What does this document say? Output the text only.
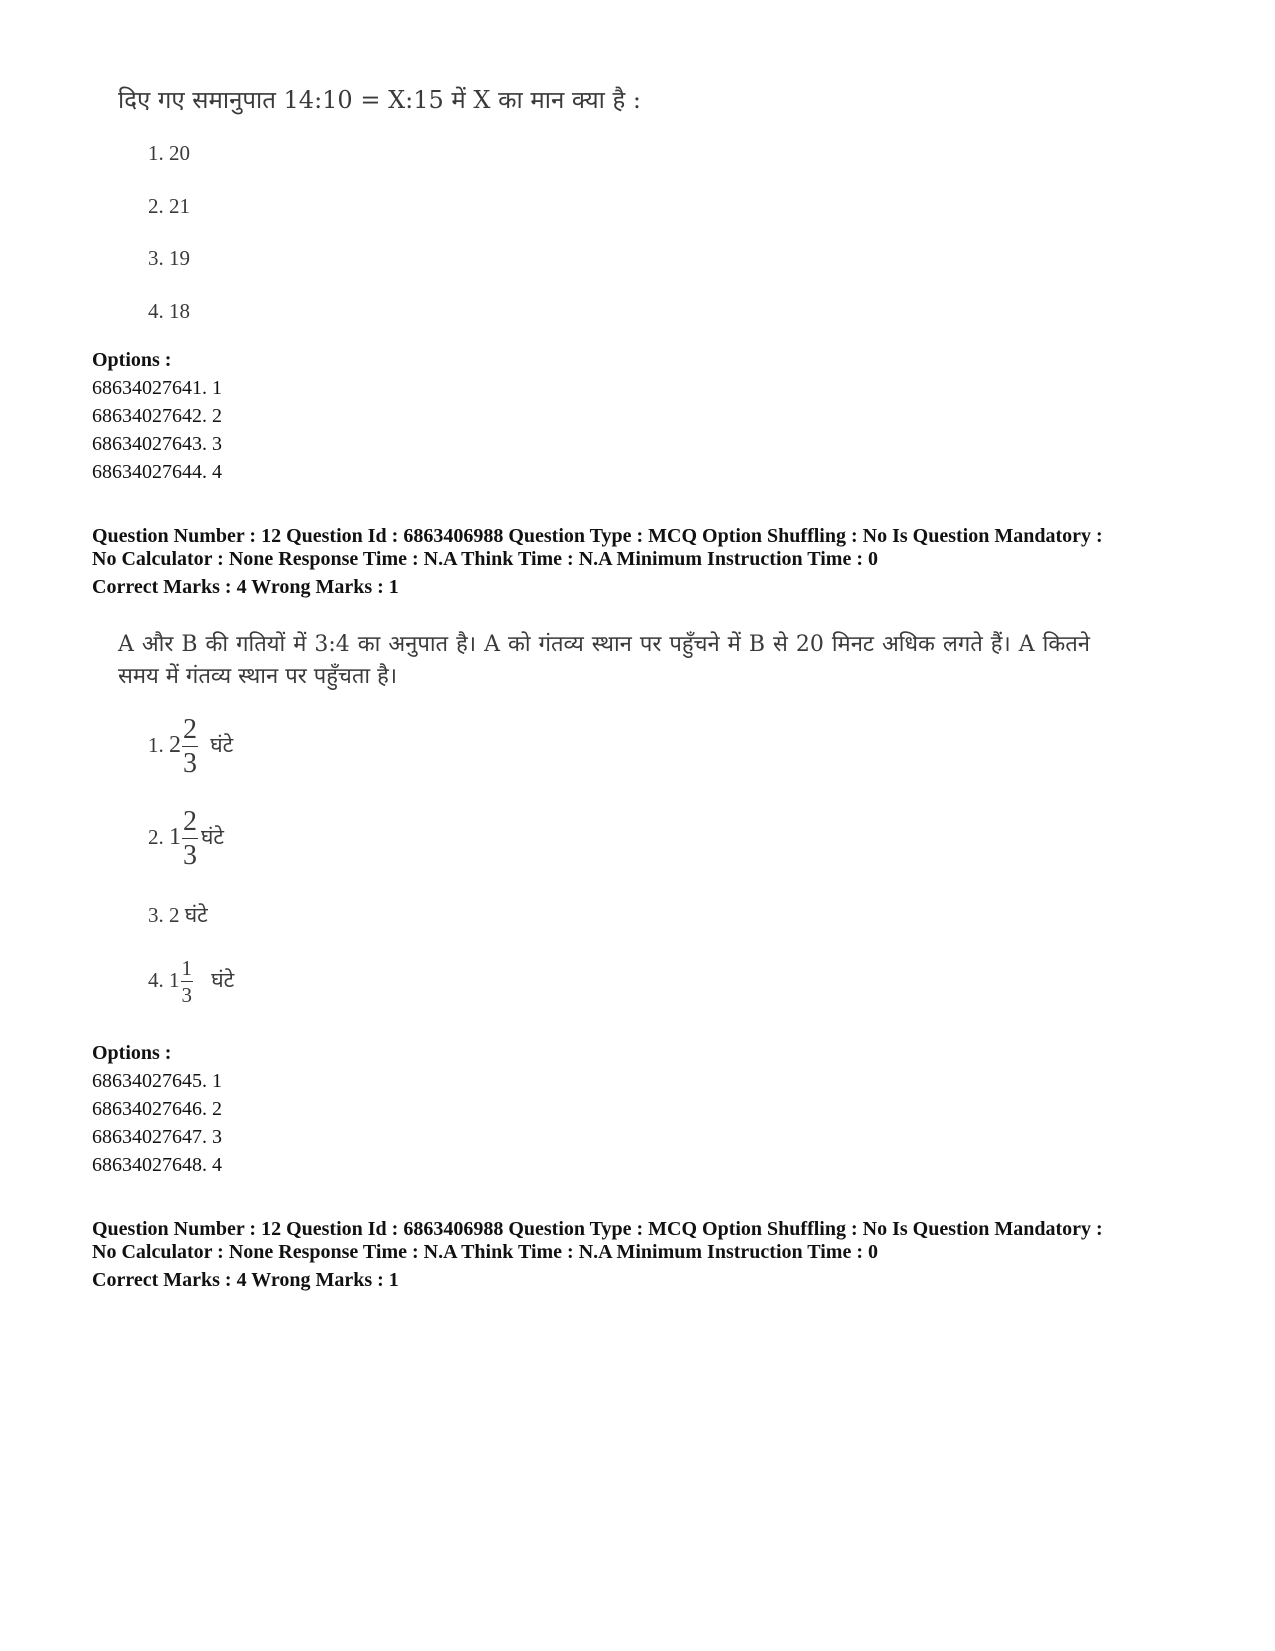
दिए गए समानुपात 14:10 = X:15 में X का मान क्या है :
1. 20
2. 21
3. 19
4. 18
Options :
68634027641. 1
68634027642. 2
68634027643. 3
68634027644. 4
Question Number : 12 Question Id : 6863406988 Question Type : MCQ Option Shuffling : No Is Question Mandatory :
No Calculator : None Response Time : N.A Think Time : N.A Minimum Instruction Time : 0
Correct Marks : 4 Wrong Marks : 1
A और B की गतियों में 3:4 का अनुपात है। A को गंतव्य स्थान पर पहुँचने में B से 20 मिनट अधिक लगते हैं। A कितने
समय में गंतव्य स्थान पर पहुँचता है।
1. $2 \frac{2}{3}$ घंटे
2. $1 \frac{2}{3}$ घंटे
3. 2 घंटे
4. $1 \frac{1}{3}$ घंटे
Options :
68634027645. 1
68634027646. 2
68634027647. 3
68634027648. 4
Question Number : 12 Question Id : 6863406988 Question Type : MCQ Option Shuffling : No Is Question Mandatory :
No Calculator : None Response Time : N.A Think Time : N.A Minimum Instruction Time : 0
Correct Marks : 4 Wrong Marks : 1
